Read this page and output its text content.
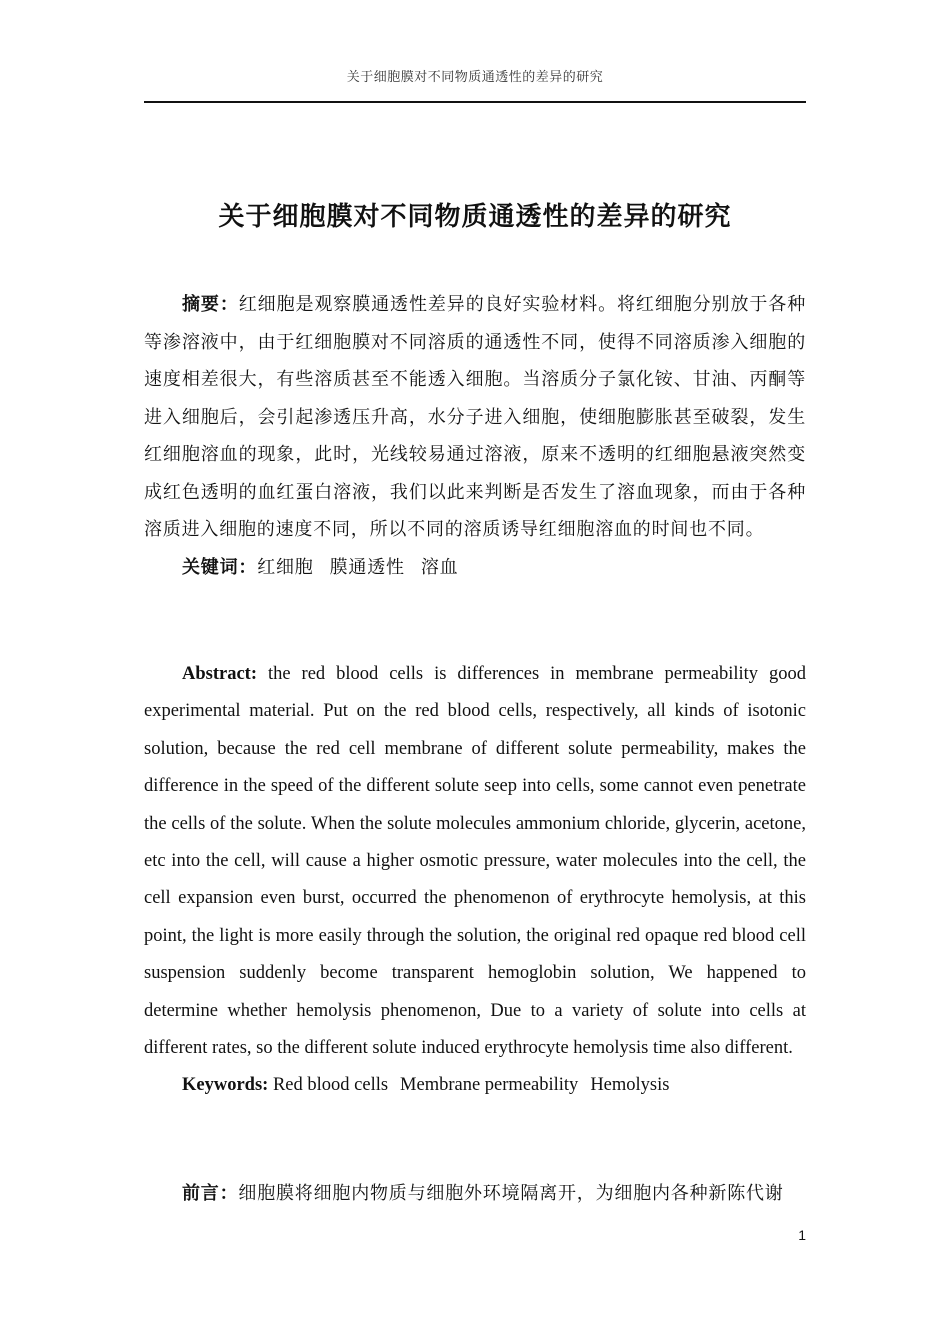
关于细胞膜对不同物质通透性的差异的研究
关于细胞膜对不同物质通透性的差异的研究

摘要：红细胞是观察膜通透性差异的良好实验材料。将红细胞分别放于各种等渗溶液中，由于红细胞膜对不同溶质的通透性不同，使得不同溶质渗入细胞的速度相差很大，有些溶质甚至不能透入细胞。当溶质分子氯化铵、甘油、丙酮等进入细胞后，会引起渗透压升高，水分子进入细胞，使细胞膨胀甚至破裂，发生红细胞溶血的现象，此时，光线较易通过溶液，原来不透明的红细胞悬液突然变成红色透明的血红蛋白溶液，我们以此来判断是否发生了溶血现象，而由于各种溶质进入细胞的速度不同，所以不同的溶质诱导红细胞溶血的时间也不同。

关键词：红细胞 膜通透性 溶血

Abstract: the red blood cells is differences in membrane permeability good experimental material. Put on the red blood cells, respectively, all kinds of isotonic solution, because the red cell membrane of different solute permeability, makes the difference in the speed of the different solute seep into cells, some cannot even penetrate the cells of the solute. When the solute molecules ammonium chloride, glycerin, acetone, etc into the cell, will cause a higher osmotic pressure, water molecules into the cell, the cell expansion even burst, occurred the phenomenon of erythrocyte hemolysis, at this point, the light is more easily through the solution, the original red opaque red blood cell suspension suddenly become transparent hemoglobin solution, We happened to determine whether hemolysis phenomenon, Due to a variety of solute into cells at different rates, so the different solute induced erythrocyte hemolysis time also different.

Keywords: Red blood cells Membrane permeability Hemolysis

前言：细胞膜将细胞内物质与细胞外环境隔离开，为细胞内各种新陈代谢

1
